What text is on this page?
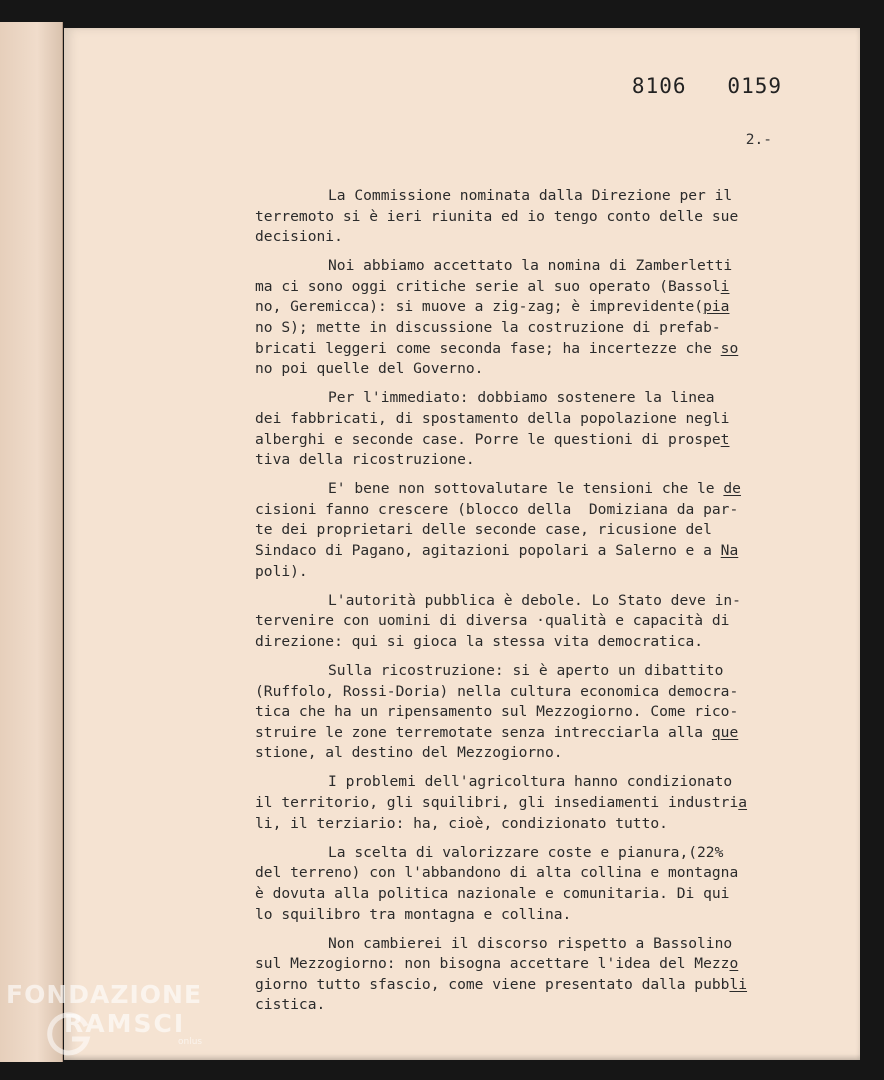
8106   0159
2.-
La Commissione nominata dalla Direzione per il
terremoto si è ieri riunita ed io tengo conto delle sue
decisioni.
Noi abbiamo accettato la nomina di Zamberletti
ma ci sono oggi critiche serie al suo operato (Bassoli
no, Geremicca): si muove a zig-zag; è imprevidente(pia
no S); mette in discussione la costruzione di prefab-
bricati leggeri come seconda fase; ha incertezze che so
no poi quelle del Governo.
Per l'immediato: dobbiamo sostenere la linea
dei fabbricati, di spostamento della popolazione negli
alberghi e seconde case. Porre le questioni di prospet
tiva della ricostruzione.
E' bene non sottovalutare le tensioni che le de
cisioni fanno crescere (blocco della  Domiziana da par-
te dei proprietari delle seconde case, ricusione del
Sindaco di Pagano, agitazioni popolari a Salerno e a Na
poli).
L'autorità pubblica è debole. Lo Stato deve in-
tervenire con uomini di diversa ·qualità e capacità di
direzione: qui si gioca la stessa vita democratica.
Sulla ricostruzione: si è aperto un dibattito
(Ruffolo, Rossi-Doria) nella cultura economica democra-
tica che ha un ripensamento sul Mezzogiorno. Come rico-
struire le zone terremotate senza intrecciarla alla que
stione, al destino del Mezzogiorno.
I problemi dell'agricoltura hanno condizionato
il territorio, gli squilibri, gli insediamenti industria
li, il terziario: ha, cioè, condizionato tutto.
La scelta di valorizzare coste e pianura,(22%
del terreno) con l'abbandono di alta collina e montagna
è dovuta alla politica nazionale e comunitaria. Di qui
lo squilibro tra montagna e collina.
Non cambierei il discorso rispetto a Bassolino
sul Mezzogiorno: non bisogna accettare l'idea del Mezzo
giorno tutto sfascio, come viene presentato dalla pubbli
cistica.
FONDAZIONE
RAMSCI
onlus
